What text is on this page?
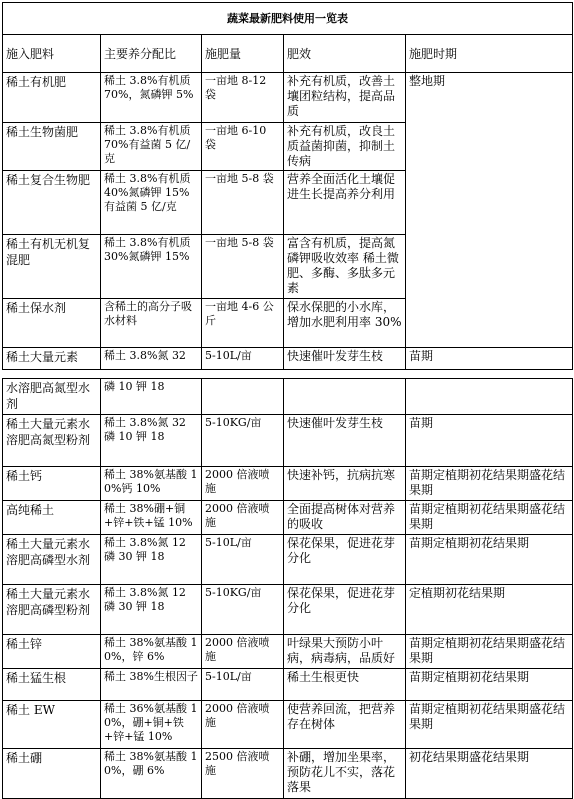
蔬菜最新肥料使用一览表				
施入肥料	主要养分配比	施肥量	肥效	施肥时期
稀土有机肥	稀土 3.8%有机质 70%，氮磷钾 5%	一亩地 8-12 袋	补充有机质，改善土壤团粒结构，提高品质	整地期
稀土生物菌肥	稀土 3.8%有机质 70%有益菌 5 亿/克	一亩地 6-10 袋	补充有机质，改良土质益菌抑菌，抑制土传病	
稀土复合生物肥	稀土 3.8%有机质 40%氮磷钾 15%有益菌 5 亿/克	一亩地 5-8 袋	营养全面活化土壤促进生长提高养分利用	
稀土有机无机复混肥	稀土 3.8%有机质 30%氮磷钾 15%	一亩地 5-8 袋	富含有机质，提高氮磷钾吸收效率 稀土微肥、多酶、多肽多元素	
稀土保水剂	含稀土的高分子吸水材料	一亩地 4-6 公斤	保水保肥的小水库，增加水肥利用率 30%	
稀土大量元素	稀土 3.8%氮 32	5-10L/亩	快速催叶发芽生枝	苗期
水溶肥高氮型水剂	磷 10 钾 18			
稀土大量元素水溶肥高氮型粉剂	稀土 3.8%氮 32 磷 10 钾 18	5-10KG/亩	快速催叶发芽生枝	苗期
稀土钙	稀土 38%氨基酸 10%钙 10%	2000 倍液喷施	快速补钙，抗病抗寒	苗期定植期初花结果期盛花结果期
高纯稀土	稀土 38%硼+铜+锌+铁+锰 10%	2000 倍液喷施	全面提高树体对营养的吸收	苗期定植期初花结果期盛花结果期
稀土大量元素水溶肥高磷型水剂	稀土 3.8%氮 12 磷 30 钾 18	5-10L/亩	保花保果，促进花芽分化	苗期定植期初花结果期
稀土大量元素水溶肥高磷型粉剂	稀土 3.8%氮 12 磷 30 钾 18	5-10KG/亩	保花保果，促进花芽分化	定植期初花结果期
稀土锌	稀土 38%氨基酸 10%，锌 6%	2000 倍液喷施	叶绿果大预防小叶病，病毒病，品质好	苗期定植期初花结果期盛花结果期
稀土猛生根	稀土 38%生根因子	5-10L/亩	稀土生根更快	苗期定植期初花结果期
稀土 EW	稀土 36%氨基酸 10%，硼+铜+铁+锌+锰 10%	2000 倍液喷施	使营养回流，把营养存在树体	苗期定植期初花结果期盛花结果期
稀土硼	稀土 38%氨基酸 10%，硼 6%	2500 倍液喷施	补硼，增加坐果率，预防花儿不实，落花落果	初花结果期盛花结果期
